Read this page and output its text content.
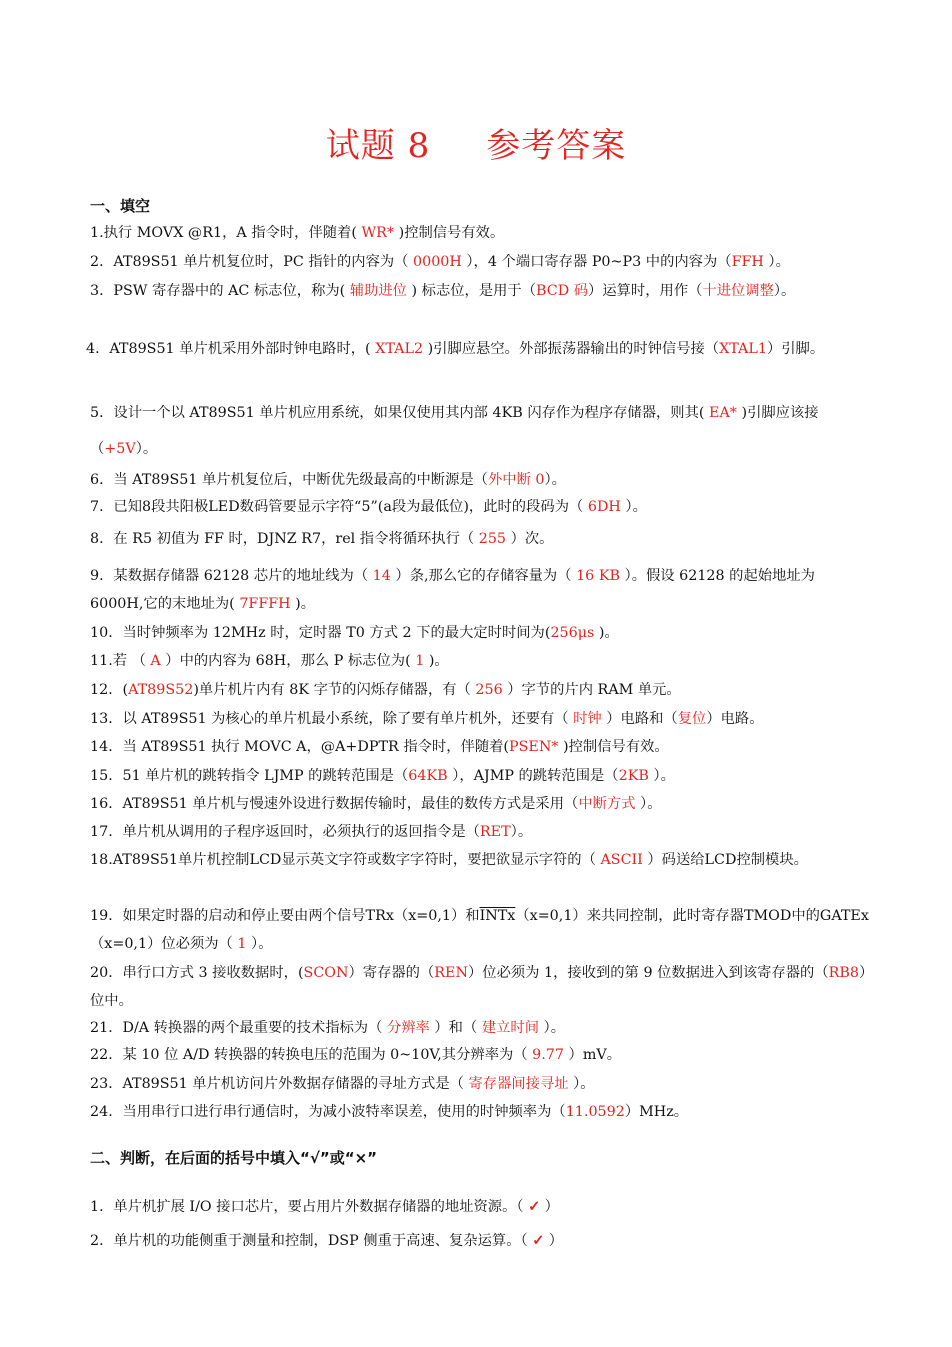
试题 8 参考答案
一、填空
1.执行 MOVX @R1，A 指令时，伴随着( WR* )控制信号有效。
2．AT89S51 单片机复位时，PC 指针的内容为（ 0000H ），4 个端口寄存器 P0~P3 中的内容为（FFH ）。
3．PSW 寄存器中的 AC 标志位，称为( 辅助进位 ) 标志位，是用于（BCD 码）运算时，用作（十进位调整）。
4．AT89S51 单片机采用外部时钟电路时，( XTAL2 )引脚应悬空。外部振荡器输出的时钟信号接（XTAL1）引脚。
5．设计一个以 AT89S51 单片机应用系统，如果仅使用其内部 4KB 闪存作为程序存储器，则其( EA* )引脚应该接（+5V）。
6．当 AT89S51 单片机复位后，中断优先级最高的中断源是（外中断 0）。
7．已知8段共阳极LED数码管要显示字符“5”(a段为最低位)，此时的段码为（ 6DH ）。
8．在 R5 初值为 FF 时，DJNZ R7，rel 指令将循环执行（ 255 ）次。
9．某数据存储器 62128 芯片的地址线为（ 14 ）条,那么它的存储容量为（ 16 KB ）。假设 62128 的起始地址为 6000H,它的末地址为( 7FFFH )。
10．当时钟频率为 12MHz 时，定时器 T0 方式 2 下的最大定时时间为(256μs )。
11.若 （ A ）中的内容为 68H，那么 P 标志位为( 1 )。
12．(AT89S52)单片机片内有 8K 字节的闪烁存储器，有（ 256 ）字节的片内 RAM 单元。
13．以 AT89S51 为核心的单片机最小系统，除了要有单片机外，还要有（ 时钟 ）电路和（复位）电路。
14．当 AT89S51 执行 MOVC A，@A+DPTR 指令时，伴随着(PSEN* )控制信号有效。
15．51 单片机的跳转指令 LJMP 的跳转范围是（64KB ），AJMP 的跳转范围是（2KB ）。
16．AT89S51 单片机与慢速外设进行数据传输时，最佳的数传方式是采用（中断方式 ）。
17．单片机从调用的子程序返回时，必须执行的返回指令是（RET）。
18.AT89S51单片机控制LCD显示英文字符或数字字符时，要把欲显示字符的（ ASCII ）码送给LCD控制模块。
19．如果定时器的启动和停止要由两个信号TRx（x=0,1）和INTx（x=0,1）来共同控制，此时寄存器TMOD中的GATEx（x=0,1）位必须为（ 1 ）。
20．串行口方式 3 接收数据时，(SCON）寄存器的（REN）位必须为 1，接收到的第 9 位数据进入到该寄存器的（RB8）位中。
21．D/A 转换器的两个最重要的技术指标为（ 分辨率 ）和（ 建立时间 ）。
22．某 10 位 A/D 转换器的转换电压的范围为 0~10V,其分辨率为（ 9.77 ）mV。
23．AT89S51 单片机访问片外数据存储器的寻址方式是（ 寄存器间接寻址 ）。
24．当用串行口进行串行通信时，为减小波特率误差，使用的时钟频率为（11.0592）MHz。
二、判断，在后面的括号中填入“√”或“×”
1．单片机扩展 I/O 接口芯片，要占用片外数据存储器的地址资源。（ ✓ ）
2．单片机的功能侧重于测量和控制，DSP 侧重于高速、复杂运算。（ ✓ ）
